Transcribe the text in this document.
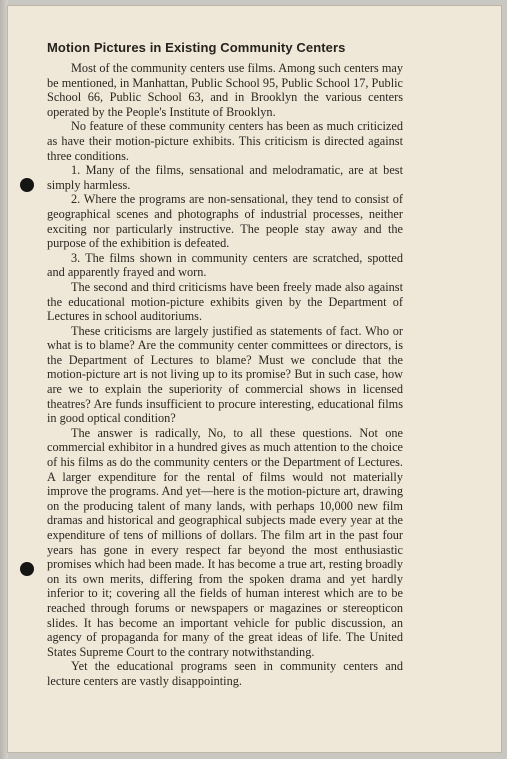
Motion Pictures in Existing Community Centers

Most of the community centers use films. Among such centers may be mentioned, in Manhattan, Public School 95, Public School 17, Public School 66, Public School 63, and in Brooklyn the various centers operated by the People's Institute of Brooklyn.

No feature of these community centers has been as much criticized as have their motion-picture exhibits. This criticism is directed against three conditions.

1. Many of the films, sensational and melodramatic, are at best simply harmless.

2. Where the programs are non-sensational, they tend to consist of geographical scenes and photographs of industrial processes, neither exciting nor particularly instructive. The people stay away and the purpose of the exhibition is defeated.

3. The films shown in community centers are scratched, spotted and apparently frayed and worn.

The second and third criticisms have been freely made also against the educational motion-picture exhibits given by the Department of Lectures in school auditoriums.

These criticisms are largely justified as statements of fact. Who or what is to blame? Are the community center committees or directors, is the Department of Lectures to blame? Must we conclude that the motion-picture art is not living up to its promise? But in such case, how are we to explain the superiority of commercial shows in licensed theatres? Are funds insufficient to procure interesting, educational films in good optical condition?

The answer is radically, No, to all these questions. Not one commercial exhibitor in a hundred gives as much attention to the choice of his films as do the community centers or the Department of Lectures. A larger expenditure for the rental of films would not materially improve the programs. And yet—here is the motion-picture art, drawing on the producing talent of many lands, with perhaps 10,000 new film dramas and historical and geographical subjects made every year at the expenditure of tens of millions of dollars. The film art in the past four years has gone in every respect far beyond the most enthusiastic promises which had been made. It has become a true art, resting broadly on its own merits, differing from the spoken drama and yet hardly inferior to it; covering all the fields of human interest which are to be reached through forums or newspapers or magazines or stereopticon slides. It has become an important vehicle for public discussion, an agency of propaganda for many of the great ideas of life. The United States Supreme Court to the contrary notwithstanding.

Yet the educational programs seen in community centers and lecture centers are vastly disappointing.
